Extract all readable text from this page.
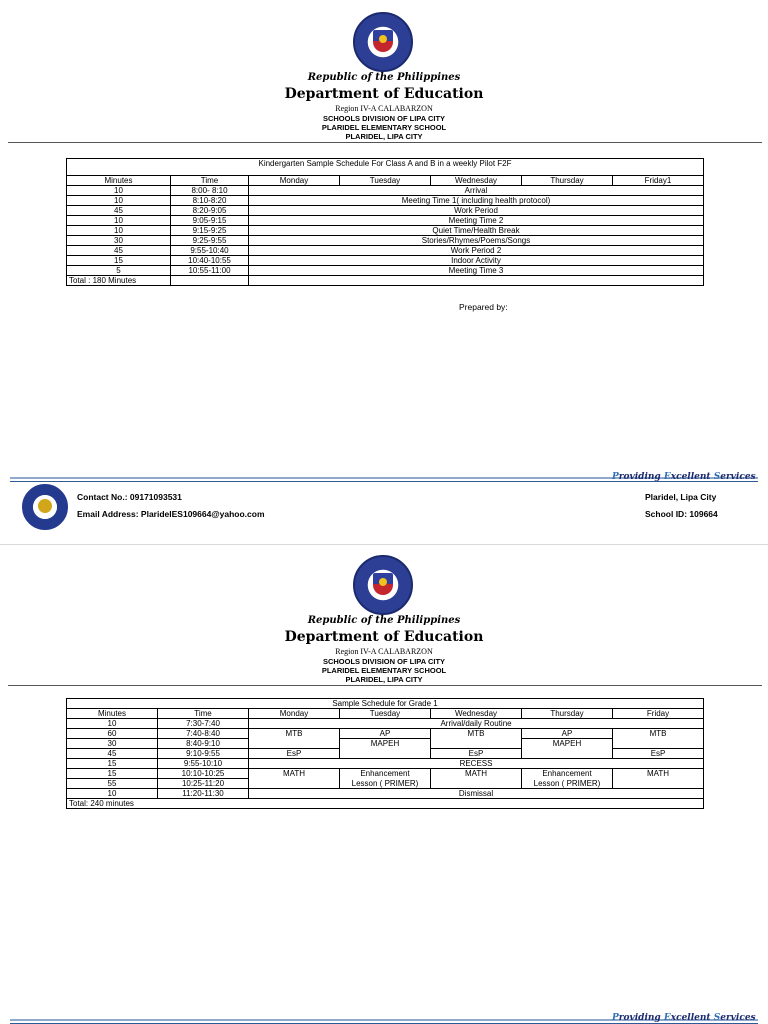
Republic of the Philippines
Department of Education
Region IV-A CALABARZON
SCHOOLS DIVISION OF LIPA CITY
PLARIDEL ELEMENTARY SCHOOL
PLARIDEL, LIPA CITY
Kindergarten Sample Schedule For Class A and B in a weekly Pilot F2F						
Minutes	Time	Monday	Tuesday	Wednesday	Thursday	Friday1
10	8:00- 8:10	Arrival				
10	8:10-8:20	Meeting Time 1( including health protocol)				
45	8:20-9:05	Work Period				
10	9:05-9:15	Meeting Time 2				
10	9:15-9:25	Quiet Time/Health Break				
30	9:25-9:55	Stories/Rhymes/Poems/Songs				
45	9:55-10:40	Work Period 2				
15	10:40-10:55	Indoor Activity				
5	10:55-11:00	Meeting Time 3				
Total : 180 Minutes						
Prepared by:
Providing Excellent Services
Contact No.: 09171093531
Email Address: PlaridelES109664@yahoo.com
Plaridel, Lipa City
School ID: 109664
Republic of the Philippines
Department of Education
Region IV-A CALABARZON
SCHOOLS DIVISION OF LIPA CITY
PLARIDEL ELEMENTARY SCHOOL
PLARIDEL, LIPA CITY
Sample Schedule for Grade 1						
Minutes	Time	Monday	Tuesday	Wednesday	Thursday	Friday
10	7:30-7:40	Arrival/daily Routine				
60	7:40-8:40	MTB	AP	MTB	AP	MTB
30	8:40-9:10		MAPEH		MAPEH	
45	9:10-9:55	EsP		EsP		EsP
15	9:55-10:10	RECESS				
15	10:10-10:25	MATH	Enhancement	MATH	Enhancement	MATH
55	10:25-11:20		Lesson ( PRIMER)		Lesson ( PRIMER)	
10	11:20-11:30	Dismissal				
Total: 240 minutes						
Providing Excellent Services
